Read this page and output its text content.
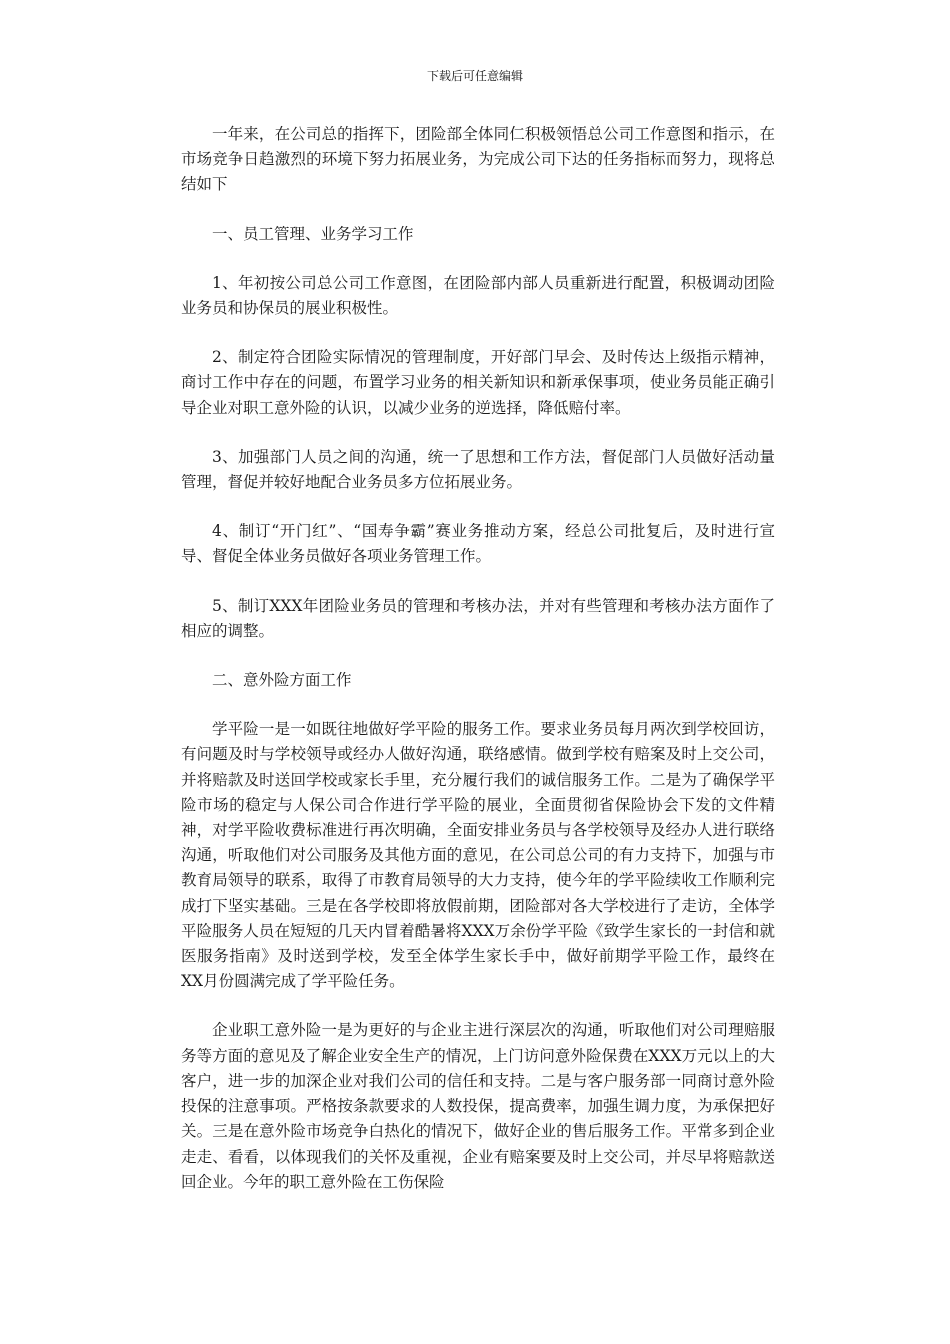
下载后可任意编辑

一年来，在公司总的指挥下，团险部全体同仁积极领悟总公司工作意图和指示，在市场竞争日趋激烈的环境下努力拓展业务，为完成公司下达的任务指标而努力，现将总结如下

一、员工管理、业务学习工作

1、年初按公司总公司工作意图，在团险部内部人员重新进行配置，积极调动团险业务员和协保员的展业积极性。

2、制定符合团险实际情况的管理制度，开好部门早会、及时传达上级指示精神，商讨工作中存在的问题，布置学习业务的相关新知识和新承保事项，使业务员能正确引导企业对职工意外险的认识，以减少业务的逆选择，降低赔付率。

3、加强部门人员之间的沟通，统一了思想和工作方法，督促部门人员做好活动量管理，督促并较好地配合业务员多方位拓展业务。

4、制订“开门红”、“国寿争霸”赛业务推动方案，经总公司批复后，及时进行宣导、督促全体业务员做好各项业务管理工作。

5、制订XXX年团险业务员的管理和考核办法，并对有些管理和考核办法方面作了相应的调整。

二、意外险方面工作

学平险一是一如既往地做好学平险的服务工作。要求业务员每月两次到学校回访，有问题及时与学校领导或经办人做好沟通，联络感情。做到学校有赔案及时上交公司，并将赔款及时送回学校或家长手里，充分履行我们的诚信服务工作。二是为了确保学平险市场的稳定与人保公司合作进行学平险的展业，全面贯彻省保险协会下发的文件精神，对学平险收费标准进行再次明确，全面安排业务员与各学校领导及经办人进行联络沟通，听取他们对公司服务及其他方面的意见，在公司总公司的有力支持下，加强与市教育局领导的联系，取得了市教育局领导的大力支持，使今年的学平险续收工作顺利完成打下坚实基础。三是在各学校即将放假前期，团险部对各大学校进行了走访，全体学平险服务人员在短短的几天内冒着酷暑将XXX万余份学平险《致学生家长的一封信和就医服务指南》及时送到学校，发至全体学生家长手中，做好前期学平险工作，最终在XX月份圆满完成了学平险任务。

企业职工意外险一是为更好的与企业主进行深层次的沟通，听取他们对公司理赔服务等方面的意见及了解企业安全生产的情况，上门访问意外险保费在XXX万元以上的大客户，进一步的加深企业对我们公司的信任和支持。二是与客户服务部一同商讨意外险投保的注意事项。严格按条款要求的人数投保，提高费率，加强生调力度，为承保把好关。三是在意外险市场竞争白热化的情况下，做好企业的售后服务工作。平常多到企业走走、看看，以体现我们的关怀及重视，企业有赔案要及时上交公司，并尽早将赔款送回企业。今年的职工意外险在工伤保险
